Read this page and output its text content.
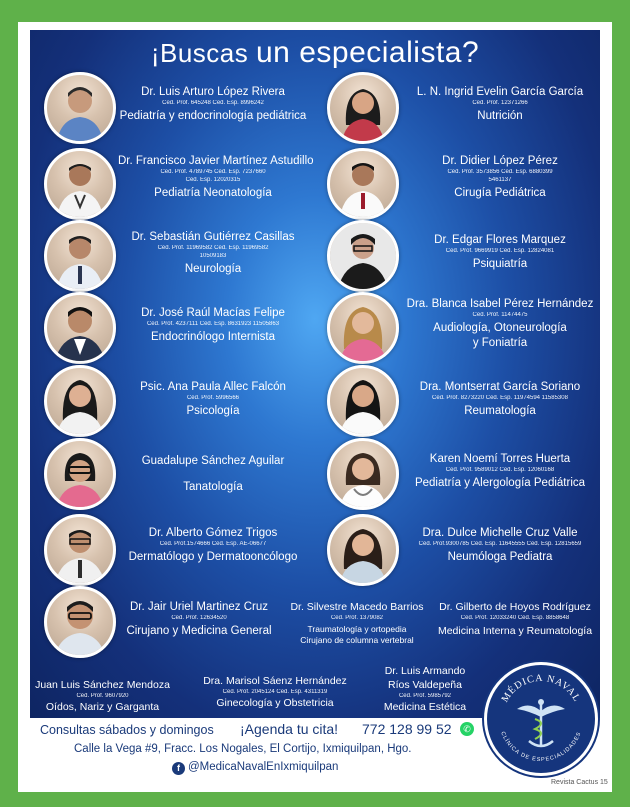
¡Buscas un especialista?
Dr. Luis Arturo López Rivera
Ced. Prof. 645248 Ced. Esp. 8996242
Pediatría y endocrinología pediátrica
L. N. Ingrid Evelin García García
Ced. Prof. 12371266
Nutrición
Dr. Francisco Javier Martínez Astudillo
Ced. Prof. 4789745 Ced. Esp. 7237660
Ced. Esp. 12020315
Pediatría Neonatología
Dr. Didier López Pérez
Ced. Prof. 3573856 Ced. Esp. 6880399
5461137
Cirugía Pediátrica
Dr. Sebastián Gutiérrez Casillas
Ced. Prof. 11969582 Ced. Esp. 11969582
10509183
Neurología
Dr. Edgar Flores Marquez
Ced. Prof. 9669919 Ced. Esp. 12824081
Psiquiatría
Dr. José Raúl Macías Felipe
Ced. Prof. 4237111 Ced. Esp. 8631923 11505863
Endocrinólogo Internista
Dra. Blanca Isabel Pérez Hernández
Ced. Prof. 11474475
Audiología, Otoneurología
y Foniatría
Psic. Ana Paula Allec Falcón
Ced. Prof. 5996566
Psicología
Dra. Montserrat García Soriano
Ced. Prof. 8273220 Ced. Esp. 11974594 11585308
Reumatología
Guadalupe Sánchez Aguilar
Tanatología
Karen Noemí Torres Huerta
Ced. Prof. 9589012 Ced. Esp. 12060168
Pediatría y Alergología Pediátrica
Dr. Alberto Gómez Trigos
Ced. Prof.1574666 Ced. Esp. AE-06677
Dermatólogo y Dermatooncólogo
Dra. Dulce Michelle Cruz Valle
Ced. Prof.9300785 Ced. Esp. 11645555 Ced. Esp. 12815659
Neumóloga Pediatra
Dr. Jair Uriel Martinez Cruz
Ced. Prof. 12634520
Cirujano y Medicina General
Dr. Silvestre Macedo Barrios
Ced. Prof. 1379082
Traumatología y ortopedia
Cirujano de columna vertebral
Dr. Gilberto de Hoyos Rodríguez
Ced. Prof. 12033240 Ced. Esp. 8858648
Medicina Interna y Reumatología
Juan Luis Sánchez Mendoza
Ced. Prof. 9607920
Oídos, Nariz y Garganta
Dra. Marisol Sáenz Hernández
Ced. Prof. 2045124 Ced. Esp. 4311319
Ginecología y Obstetricia
Dr. Luis Armando
Ríos Valdepeña
Ced. Prof. 5985792
Medicina Estética
Consultas sábados y domingos ¡Agenda tu cita! 772 128 99 52	✆
Calle la Vega #9, Fracc. Los Nogales, El Cortijo, Ixmiquilpan, Hgo.
f @MedicaNavalEnIxmiquilpan
MÉDICA NAVAL
CLÍNICA DE ESPECIALIDADES
Revista Cactus 15
